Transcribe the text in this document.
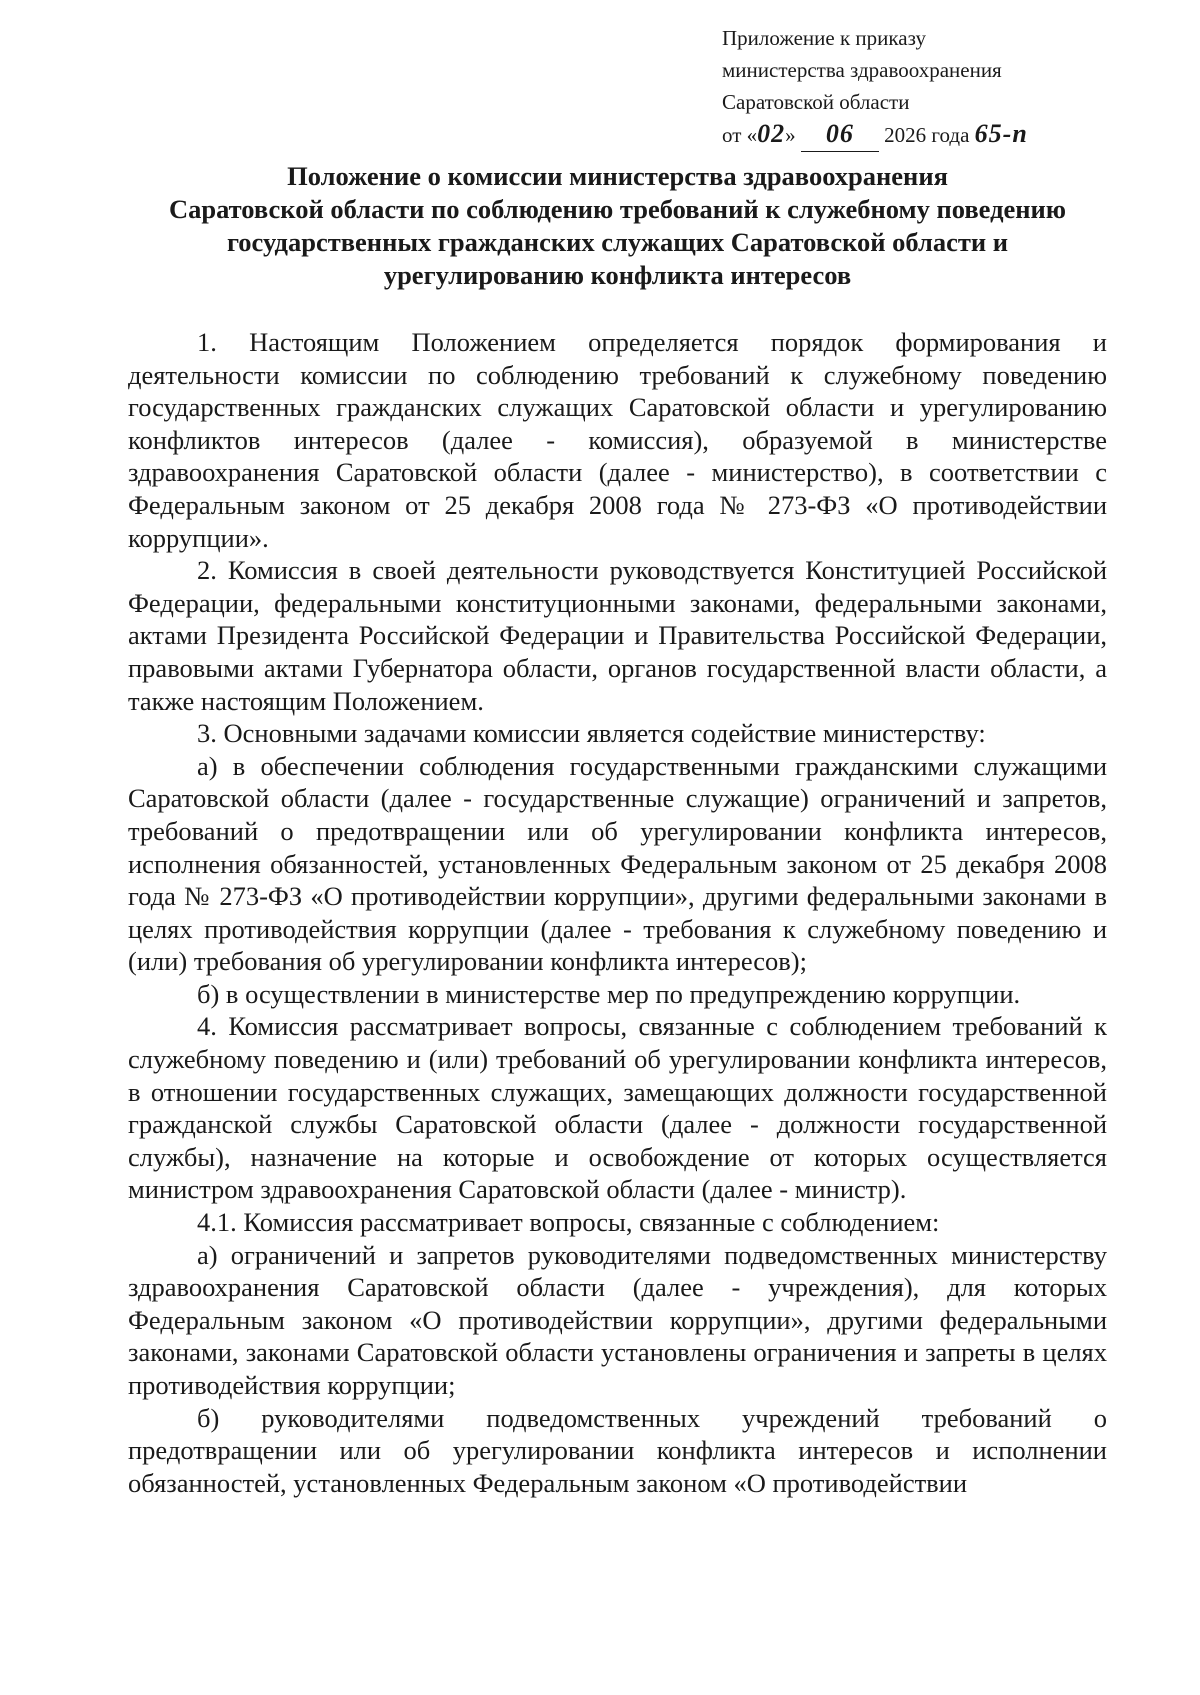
Приложение к приказу
министерства здравоохранения
Саратовской области
от «02» 06 2026 года 65-п
Положение о комиссии министерства здравоохранения
Саратовской области по соблюдению требований к служебному поведению
государственных гражданских служащих Саратовской области и
урегулированию конфликта интересов

1. Настоящим Положением определяется порядок формирования и деятельности комиссии по соблюдению требований к служебному поведению государственных гражданских служащих Саратовской области и урегулированию конфликтов интересов (далее - комиссия), образуемой в министерстве здравоохранения Саратовской области (далее - министерство), в соответствии с Федеральным законом от 25 декабря 2008 года № 273-ФЗ «О противодействии коррупции».

2. Комиссия в своей деятельности руководствуется Конституцией Российской Федерации, федеральными конституционными законами, федеральными законами, актами Президента Российской Федерации и Правительства Российской Федерации, правовыми актами Губернатора области, органов государственной власти области, а также настоящим Положением.

3. Основными задачами комиссии является содействие министерству:

а) в обеспечении соблюдения государственными гражданскими служащими Саратовской области (далее - государственные служащие) ограничений и запретов, требований о предотвращении или об урегулировании конфликта интересов, исполнения обязанностей, установленных Федеральным законом от 25 декабря 2008 года № 273-ФЗ «О противодействии коррупции», другими федеральными законами в целях противодействия коррупции (далее - требования к служебному поведению и (или) требования об урегулировании конфликта интересов);

б) в осуществлении в министерстве мер по предупреждению коррупции.

4. Комиссия рассматривает вопросы, связанные с соблюдением требований к служебному поведению и (или) требований об урегулировании конфликта интересов, в отношении государственных служащих, замещающих должности государственной гражданской службы Саратовской области (далее - должности государственной службы), назначение на которые и освобождение от которых осуществляется министром здравоохранения Саратовской области (далее - министр).

4.1. Комиссия рассматривает вопросы, связанные с соблюдением:

а) ограничений и запретов руководителями подведомственных министерству здравоохранения Саратовской области (далее - учреждения), для которых Федеральным законом «О противодействии коррупции», другими федеральными законами, законами Саратовской области установлены ограничения и запреты в целях противодействия коррупции;

б) руководителями подведомственных учреждений требований о предотвращении или об урегулировании конфликта интересов и исполнении обязанностей, установленных Федеральным законом «О противодействии
